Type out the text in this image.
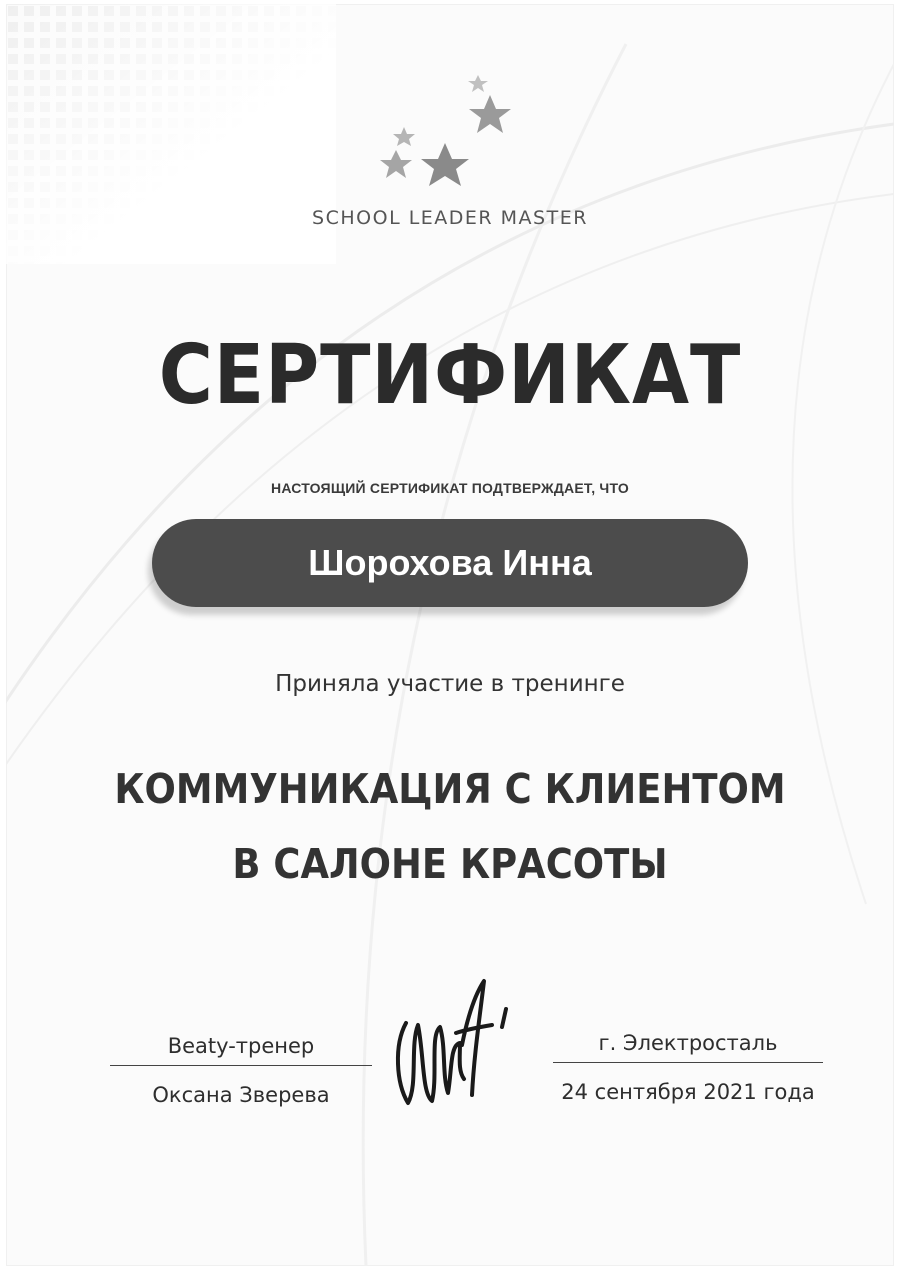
SCHOOL LEADER MASTER
СЕРТИФИКАТ
НАСТОЯЩИЙ СЕРТИФИКАТ ПОДТВЕРЖДАЕТ, ЧТО
Шорохова Инна
Приняла участие в тренинге
КОММУНИКАЦИЯ С КЛИЕНТОМ
В САЛОНЕ КРАСОТЫ
Beaty-тренер
Оксана Зверева
г. Электросталь
24 сентября 2021 года
